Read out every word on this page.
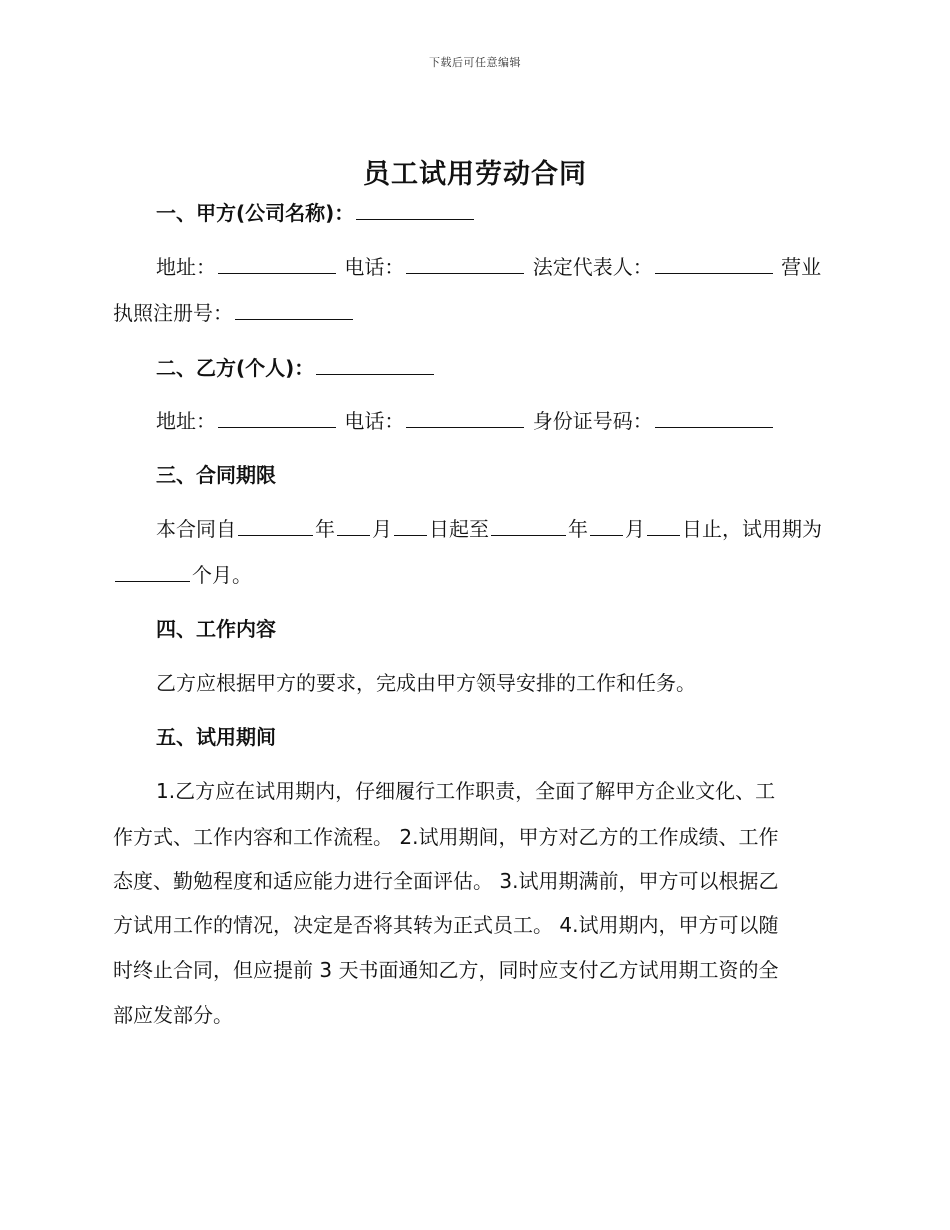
下载后可任意编辑
员工试用劳动合同
一、甲方(公司名称)：
地址：	电话：	法定代表人：	营业
执照注册号：
二、乙方(个人)：
地址：	电话：	身份证号码：
三、合同期限
本合同自	年 月 日起至	年 月 日止，试用期为
个月。
四、工作内容
乙方应根据甲方的要求，完成由甲方领导安排的工作和任务。
五、试用期间
1.乙方应在试用期内，仔细履行工作职责，全面了解甲方企业文化、工
作方式、工作内容和工作流程。 2.试用期间，甲方对乙方的工作成绩、工作
态度、勤勉程度和适应能力进行全面评估。 3.试用期满前，甲方可以根据乙
方试用工作的情况，决定是否将其转为正式员工。 4.试用期内，甲方可以随
时终止合同，但应提前 3 天书面通知乙方，同时应支付乙方试用期工资的全
部应发部分。
